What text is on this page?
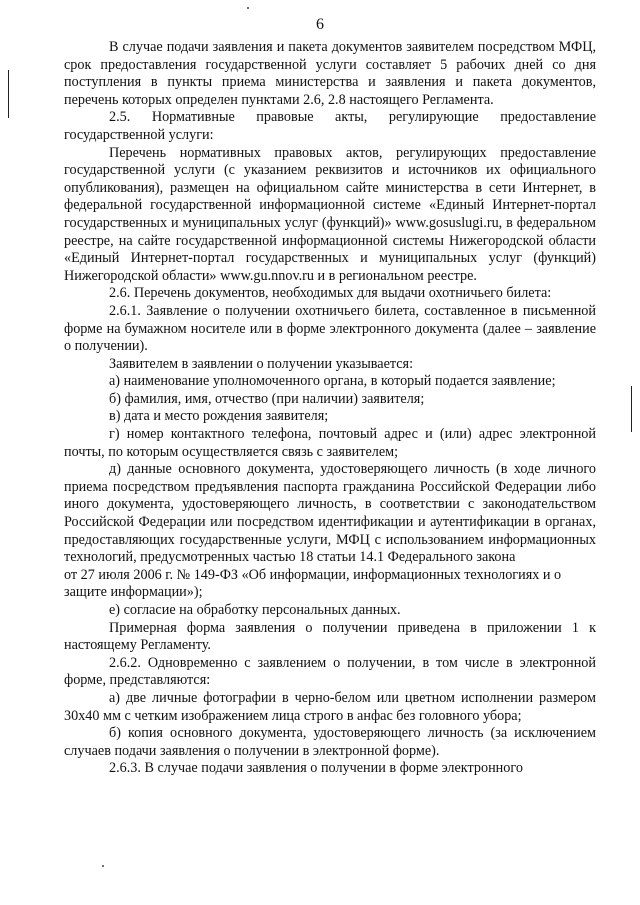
6

В случае подачи заявления и пакета документов заявителем посредством МФЦ, срок предоставления государственной услуги составляет 5 рабочих дней со дня поступления в пункты приема министерства и заявления и пакета документов, перечень которых определен пунктами 2.6, 2.8 настоящего Регламента.

2.5. Нормативные правовые акты, регулирующие предоставление государственной услуги:

Перечень нормативных правовых актов, регулирующих предоставление государственной услуги (с указанием реквизитов и источников их официального опубликования), размещен на официальном сайте министерства в сети Интернет, в федеральной государственной информационной системе «Единый Интернет-портал государственных и муниципальных услуг (функций)» www.gosuslugi.ru, в федеральном реестре, на сайте государственной информационной системы Нижегородской области «Единый Интернет-портал государственных и муниципальных услуг (функций) Нижегородской области» www.gu.nnov.ru и в региональном реестре.

2.6. Перечень документов, необходимых для выдачи охотничьего билета:

2.6.1. Заявление о получении охотничьего билета, составленное в письменной форме на бумажном носителе или в форме электронного документа (далее – заявление о получении).

Заявителем в заявлении о получении указывается:

а) наименование уполномоченного органа, в который подается заявление;

б) фамилия, имя, отчество (при наличии) заявителя;

в) дата и место рождения заявителя;

г) номер контактного телефона, почтовый адрес и (или) адрес электронной почты, по которым осуществляется связь с заявителем;

д) данные основного документа, удостоверяющего личность (в ходе личного приема посредством предъявления паспорта гражданина Российской Федерации либо иного документа, удостоверяющего личность, в соответствии с законодательством Российской Федерации или посредством идентификации и аутентификации в органах, предоставляющих государственные услуги, МФЦ с использованием информационных технологий, предусмотренных частью 18 статьи 14.1 Федерального закона

от 27 июля 2006 г. № 149-ФЗ «Об информации, информационных технологиях и о защите информации»);

е) согласие на обработку персональных данных.

Примерная форма заявления о получении приведена в приложении 1 к настоящему Регламенту.

2.6.2. Одновременно с заявлением о получении, в том числе в электронной форме, представляются:

а) две личные фотографии в черно-белом или цветном исполнении размером 30х40 мм с четким изображением лица строго в анфас без головного убора;

б) копия основного документа, удостоверяющего личность (за исключением случаев подачи заявления о получении в электронной форме).

2.6.3. В случае подачи заявления о получении в форме электронного
